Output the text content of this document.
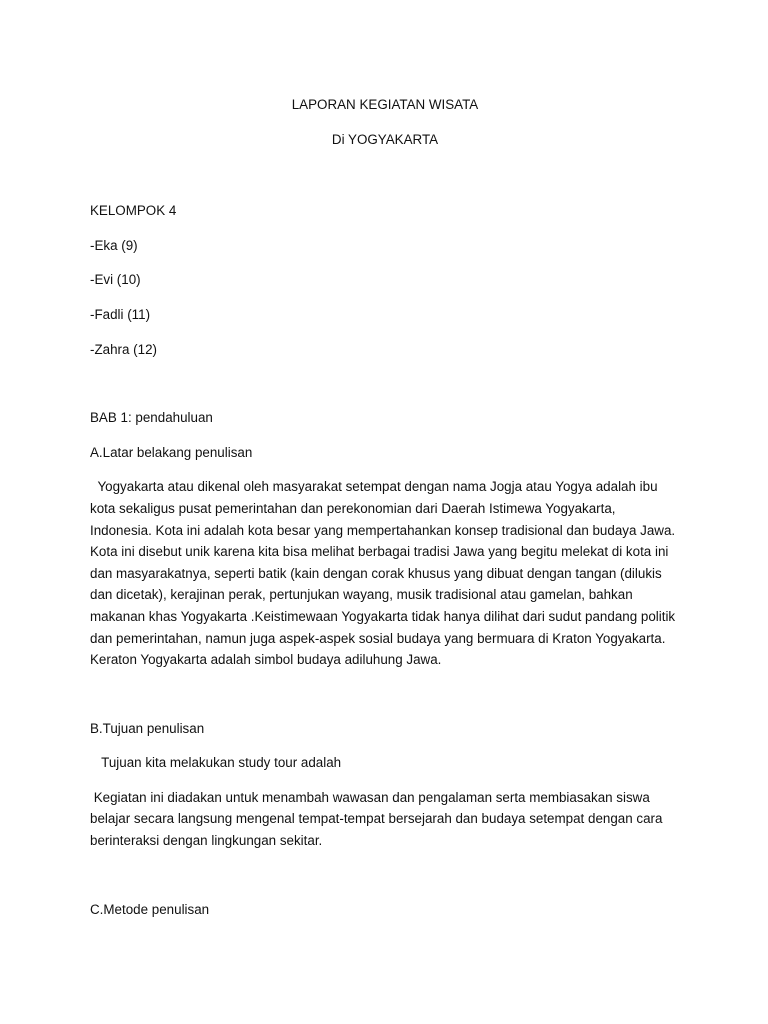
LAPORAN KEGIATAN WISATA

Di YOGYAKARTA

KELOMPOK 4

-Eka (9)

-Evi (10)

-Fadli (11)

-Zahra (12)

BAB 1: pendahuluan

A.Latar belakang penulisan

Yogyakarta atau dikenal oleh masyarakat setempat dengan nama Jogja atau Yogya adalah ibu kota sekaligus pusat pemerintahan dan perekonomian dari Daerah Istimewa Yogyakarta, Indonesia. Kota ini adalah kota besar yang mempertahankan konsep tradisional dan budaya Jawa. Kota ini disebut unik karena kita bisa melihat berbagai tradisi Jawa yang begitu melekat di kota ini dan masyarakatnya, seperti batik (kain dengan corak khusus yang dibuat dengan tangan (dilukis dan dicetak), kerajinan perak, pertunjukan wayang, musik tradisional atau gamelan, bahkan makanan khas Yogyakarta .Keistimewaan Yogyakarta tidak hanya dilihat dari sudut pandang politik dan pemerintahan, namun juga aspek-aspek sosial budaya yang bermuara di Kraton Yogyakarta. Keraton Yogyakarta adalah simbol budaya adiluhung Jawa.

B.Tujuan penulisan

Tujuan kita melakukan study tour adalah

Kegiatan ini diadakan untuk menambah wawasan dan pengalaman serta membiasakan siswa belajar secara langsung mengenal tempat-tempat bersejarah dan budaya setempat dengan cara berinteraksi dengan lingkungan sekitar.

C.Metode penulisan
